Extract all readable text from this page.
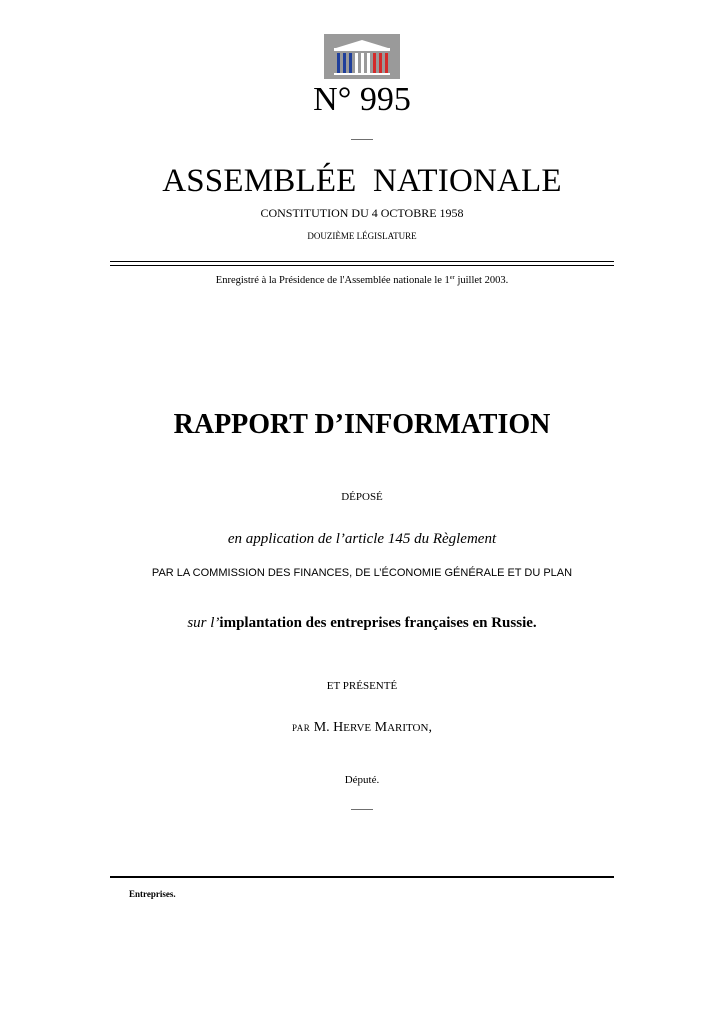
N° 995
ASSEMBLÉE NATIONALE
CONSTITUTION DU 4 OCTOBRE 1958
DOUZIÈME LÉGISLATURE
Enregistré à la Présidence de l'Assemblée nationale le 1er juillet 2003.
RAPPORT D’INFORMATION
DÉPOSÉ
en application de l’article 145 du Règlement
PAR LA COMMISSION DES FINANCES, DE L’ÉCONOMIE GÉNÉRALE ET DU PLAN
sur l’implantation des entreprises françaises en Russie.
ET PRÉSENTÉ
PAR M. HERVE MARITON,
Député.
Entreprises.
